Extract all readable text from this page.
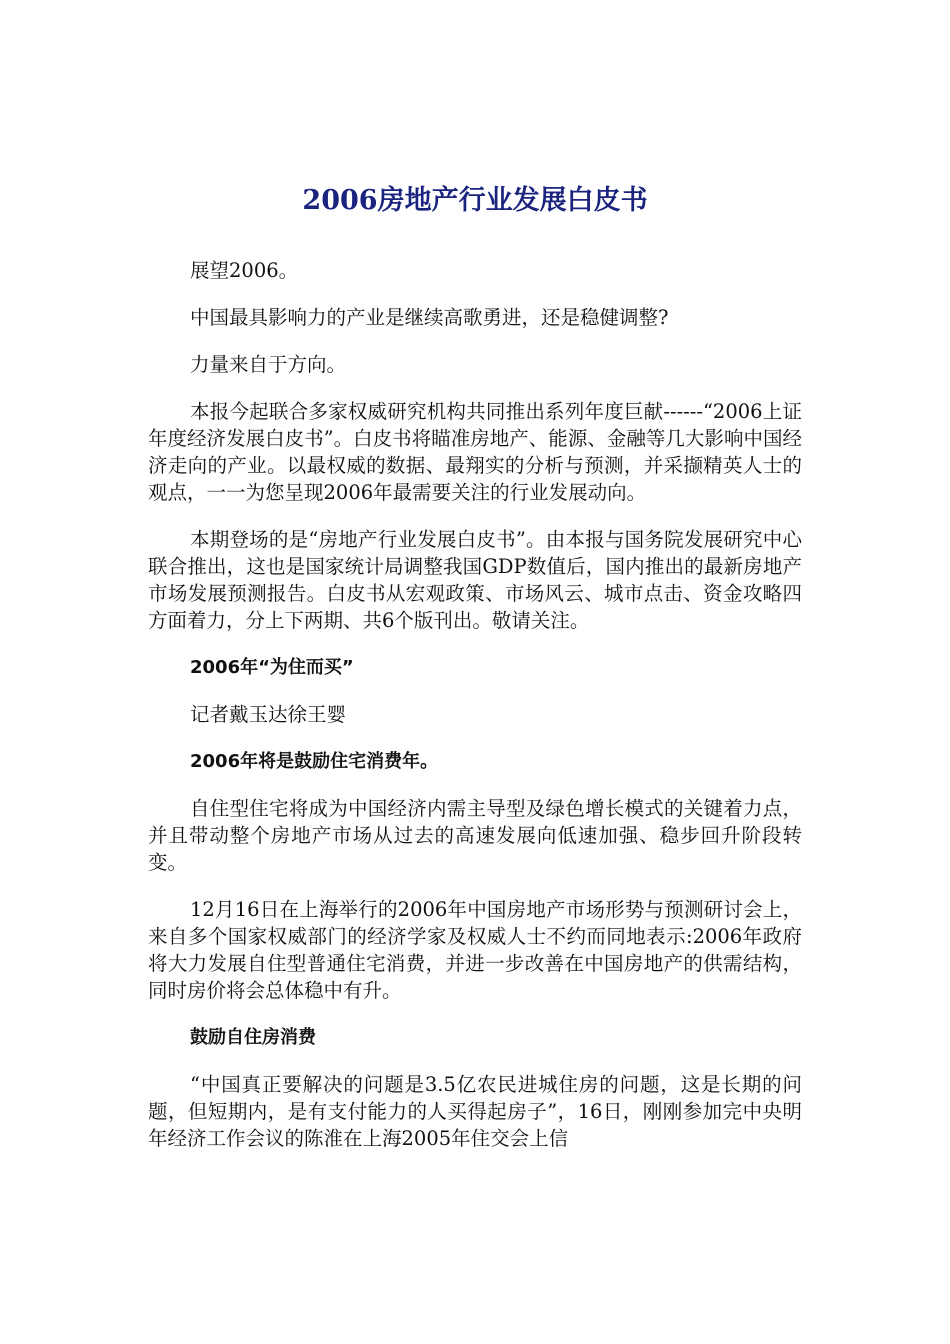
2006房地产行业发展白皮书

展望2006。

中国最具影响力的产业是继续高歌勇进，还是稳健调整?

力量来自于方向。

本报今起联合多家权威研究机构共同推出系列年度巨献------“2006上证年度经济发展白皮书”。白皮书将瞄准房地产、能源、金融等几大影响中国经济走向的产业。以最权威的数据、最翔实的分析与预测，并采撷精英人士的观点，一一为您呈现2006年最需要关注的行业发展动向。

本期登场的是“房地产行业发展白皮书”。由本报与国务院发展研究中心联合推出，这也是国家统计局调整我国GDP数值后，国内推出的最新房地产市场发展预测报告。白皮书从宏观政策、市场风云、城市点击、资金攻略四方面着力，分上下两期、共6个版刊出。敬请关注。

2006年“为住而买”

记者戴玉达徐王婴

2006年将是鼓励住宅消费年。

自住型住宅将成为中国经济内需主导型及绿色增长模式的关键着力点，并且带动整个房地产市场从过去的高速发展向低速加强、稳步回升阶段转变。

12月16日在上海举行的2006年中国房地产市场形势与预测研讨会上，来自多个国家权威部门的经济学家及权威人士不约而同地表示:2006年政府将大力发展自住型普通住宅消费，并进一步改善在中国房地产的供需结构，同时房价将会总体稳中有升。

鼓励自住房消费

“中国真正要解决的问题是3.5亿农民进城住房的问题，这是长期的问题，但短期内，是有支付能力的人买得起房子”，16日，刚刚参加完中央明年经济工作会议的陈淮在上海2005年住交会上信
